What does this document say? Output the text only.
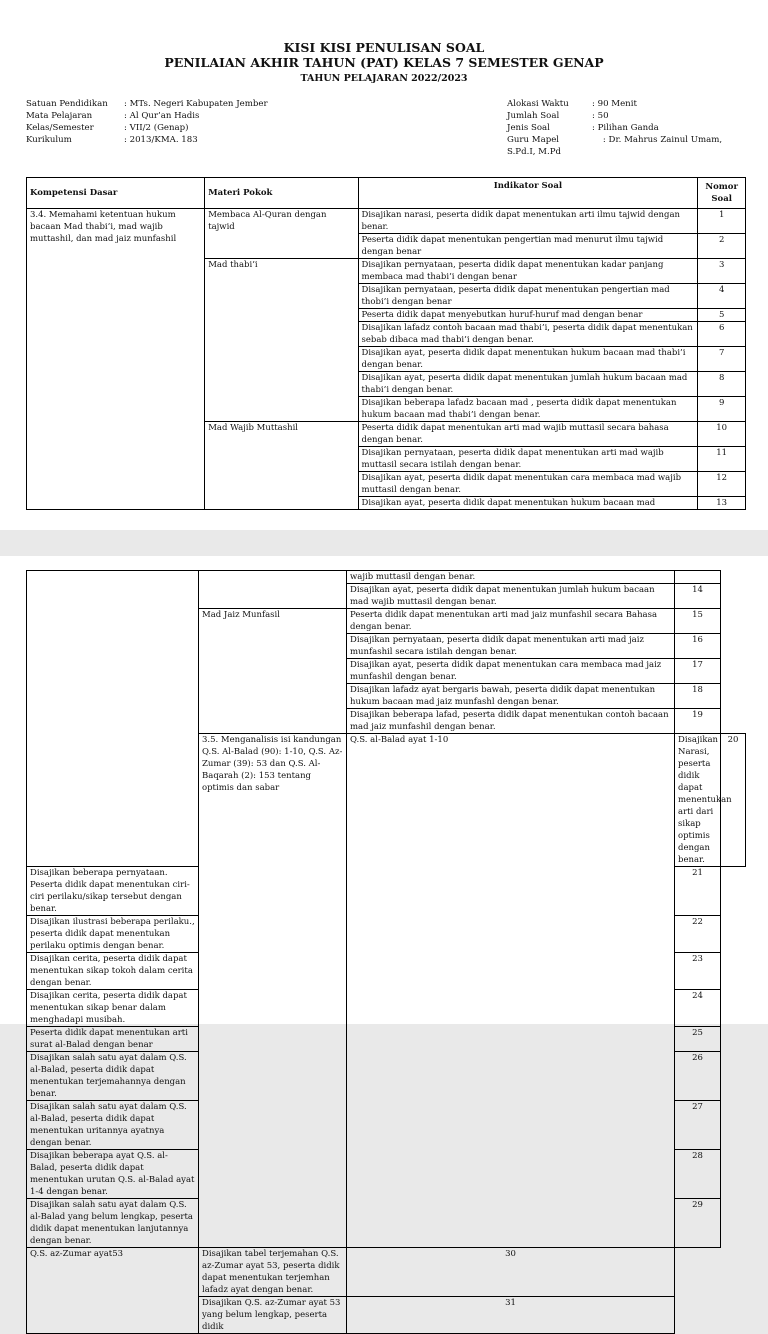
KISI KISI PENULISAN SOAL
PENILAIAN AKHIR TAHUN (PAT) KELAS 7 SEMESTER GENAP
TAHUN PELAJARAN 2022/2023
Satuan Pendidikan	: MTs. Negeri Kabupaten Jember
Mata Pelajaran	: Al Qur’an Hadis
Kelas/Semester	: VII/2 (Genap)
Kurikulum	: 2013/KMA. 183
Alokasi Waktu	: 90 Menit
Jumlah Soal	: 50
Jenis Soal	: Pilihan Ganda
Guru Mapel	: Dr. Mahrus Zainul Umam,
S.Pd.I, M.Pd
Kompetensi Dasar	Materi Pokok	Indikator Soal	Nomor Soal
3.4. Memahami ketentuan hukum bacaan Mad thabi’i, mad wajib muttashil, dan mad jaiz munfashil	Membaca Al-Quran dengan tajwid	Disajikan narasi, peserta didik dapat menentukan arti ilmu tajwid dengan benar.	1
		Peserta didik dapat menentukan pengertian mad menurut ilmu tajwid dengan benar	2
	Mad thabi’i	Disajikan pernyataan, peserta didik dapat menentukan kadar panjang membaca mad thabi’i dengan benar	3
		Disajikan pernyataan, peserta didik dapat menentukan pengertian mad thobi’i dengan benar	4
		Peserta didik dapat menyebutkan huruf-huruf mad dengan benar	5
		Disajikan lafadz contoh bacaan mad thabi’i, peserta didik dapat menentukan sebab dibaca mad thabi’i dengan benar.	6
		Disajikan ayat, peserta didik dapat menentukan hukum bacaan mad thabi’i dengan benar.	7
		Disajikan ayat, peserta didik dapat menentukan jumlah hukum bacaan mad thabi’i dengan benar.	8
		Disajikan beberapa lafadz bacaan mad , peserta didik dapat menentukan hukum bacaan mad thabi’i dengan benar.	9
	Mad Wajib Muttashil	Peserta didik dapat menentukan arti mad wajib muttasil secara bahasa dengan benar.	10
		Disajikan pernyataan, peserta didik dapat menentukan arti mad wajib muttasil secara istilah dengan benar.	11
		Disajikan ayat, peserta didik dapat menentukan cara membaca mad wajib muttasil dengan benar.	12
		Disajikan ayat, peserta didik dapat menentukan hukum bacaan mad	13
		wajib muttasil dengan benar.		
		Disajikan ayat, peserta didik dapat menentukan jumlah hukum bacaan mad wajib muttasil dengan benar.	14	
	Mad Jaiz Munfasil	Peserta didik dapat menentukan arti mad jaiz munfashil secara Bahasa dengan benar.	15	
		Disajikan pernyataan, peserta didik dapat menentukan arti mad jaiz munfashil secara istilah dengan benar.	16	
		Disajikan ayat, peserta didik dapat menentukan cara membaca mad jaiz munfashil dengan benar.	17	
		Disajikan lafadz ayat bergaris bawah, peserta didik dapat menentukan hukum bacaan mad jaiz munfashl dengan benar.	18	
		Disajikan beberapa lafad, peserta didik dapat menentukan contoh bacaan mad jaiz munfashil dengan benar.	19	
	3.5. Menganalisis isi kandungan Q.S. Al-Balad (90): 1-10, Q.S. Az-Zumar (39): 53 dan Q.S. Al-Baqarah (2): 153 tentang optimis dan sabar	Q.S. al-Balad ayat 1-10	Disajikan Narasi, peserta didik dapat menentukan arti dari sikap optimis dengan benar.	20
Disajikan beberapa pernyataan. Peserta didik dapat menentukan ciri-ciri perilaku/sikap tersebut dengan benar.			21	
Disajikan ilustrasi beberapa perilaku., peserta didik dapat menentukan perilaku optimis dengan benar.			22	
Disajikan cerita, peserta didik dapat menentukan sikap tokoh dalam cerita dengan benar.			23	
Disajikan cerita, peserta didik dapat menentukan sikap benar dalam menghadapi musibah.			24	
Peserta didik dapat menentukan arti surat al-Balad dengan benar			25	
Disajikan salah satu ayat dalam Q.S. al-Balad, peserta didik dapat menentukan terjemahannya dengan benar.			26	
Disajikan salah satu ayat dalam Q.S. al-Balad, peserta didik dapat menentukan uritannya ayatnya dengan benar.			27	
Disajikan beberapa ayat Q.S. al-Balad, peserta didik dapat menentukan urutan Q.S. al-Balad ayat 1-4 dengan benar.			28	
Disajikan salah satu ayat dalam Q.S. al-Balad yang belum lengkap, peserta didik dapat menentukan lanjutannya dengan benar.			29	
Q.S. az-Zumar ayat53	Disajikan tabel terjemahan Q.S. az-Zumar ayat 53, peserta didik dapat menentukan terjemhan lafadz ayat dengan benar.	30		
	Disajikan Q.S. az-Zumar ayat 53 yang belum lengkap, peserta didik	31		
